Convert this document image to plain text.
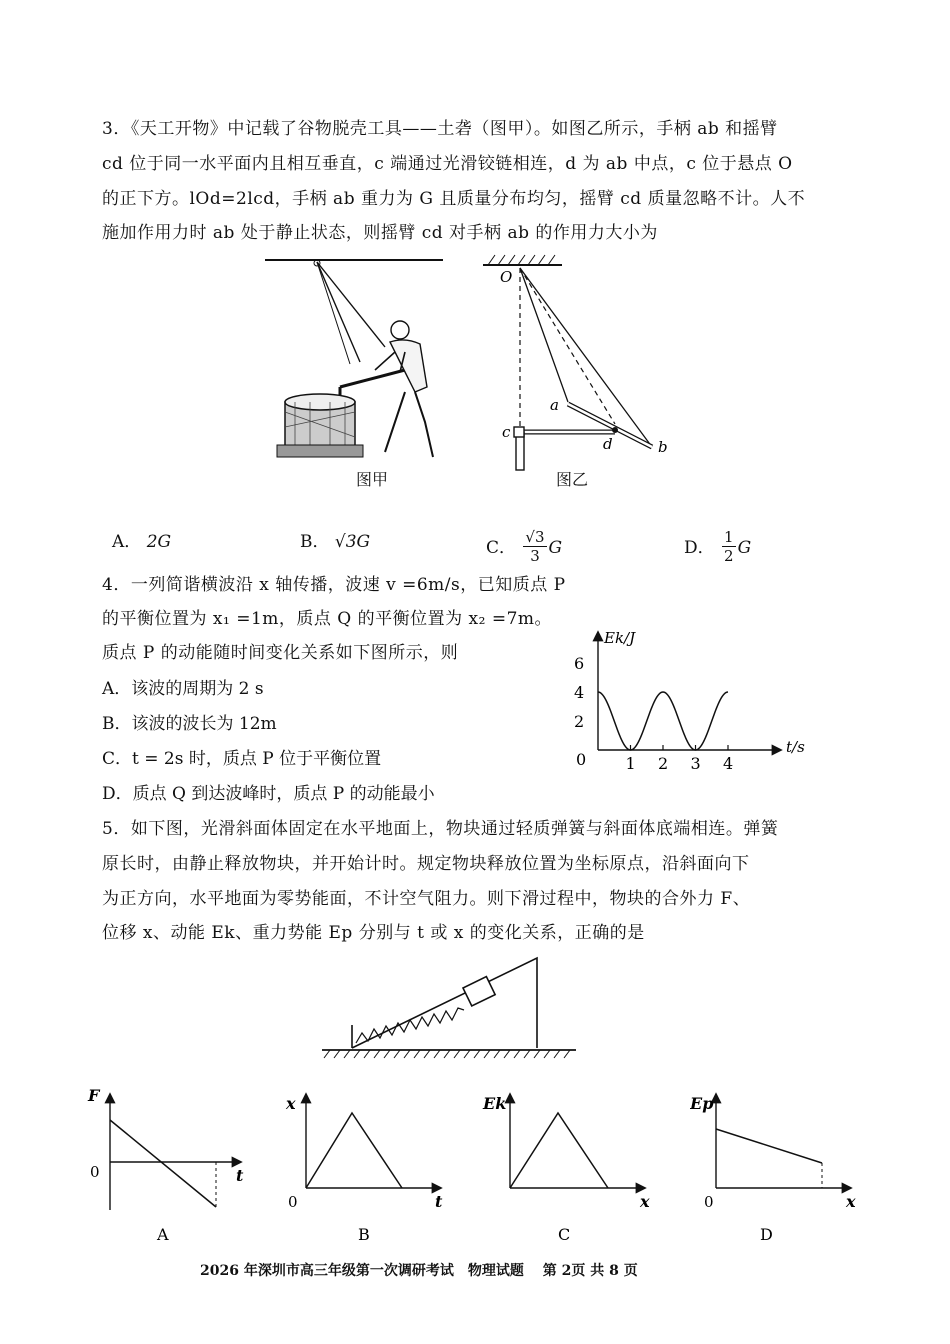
3．《天工开物》中记载了谷物脱壳工具——土砻（图甲）。如图乙所示，手柄 ab 和摇臂
cd 位于同一水平面内且相互垂直，c 端通过光滑铰链相连，d 为 ab 中点，c 位于悬点 O
的正下方。lOd=2lcd，手柄 ab 重力为 G 且质量分布均匀，摇臂 cd 质量忽略不计。人不
施加作用力时 ab 处于静止状态，则摇臂 cd 对手柄 ab 的作用力大小为
图甲
O
a
b
c
d
图乙
A． 2G	B． √3G	C． $\frac{√3}{3}$ G	D． $\frac{1}{2}$ G
4．一列简谐横波沿 x 轴传播，波速 v =6m/s，已知质点 P
的平衡位置为 x₁ =1m，质点 Q 的平衡位置为 x₂ =7m。
质点 P 的动能随时间变化关系如下图所示，则
A．该波的周期为 2 s
B．该波的波长为 12m
C．t = 2s 时，质点 P 位于平衡位置
D．质点 Q 到达波峰时，质点 P 的动能最小
1 2 3 4
2
4
6
Ek/J
t/s
0
5．如下图，光滑斜面体固定在水平地面上，物块通过轻质弹簧与斜面体底端相连。弹簧
原长时，由静止释放物块，并开始计时。规定物块释放位置为坐标原点，沿斜面向下
为正方向，水平地面为零势能面，不计空气阻力。则下滑过程中，物块的合外力 F、
位移 x、动能 Ek、重力势能 Ep 分别与 t 或 x 的变化关系，正确的是
F
t
0
A
x
t
0
B
Ek
x
C
Ep
x
0
D
2026 年深圳市高三年级第一次调研考试　物理试题　 第 2页 共 8 页
